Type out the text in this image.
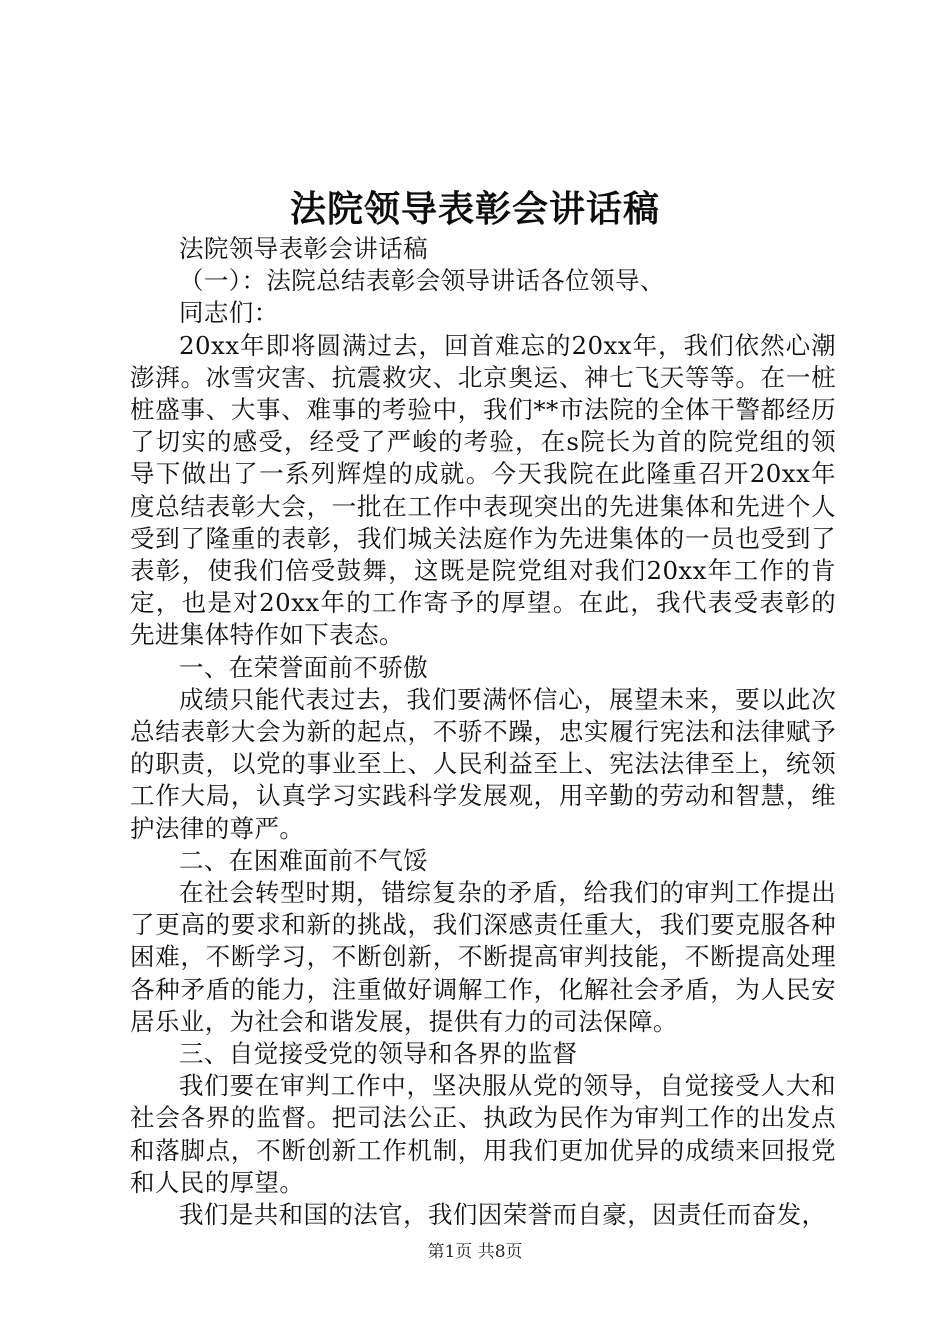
法院领导表彰会讲话稿

法院领导表彰会讲话稿

（一）：法院总结表彰会领导讲话各位领导、

同志们：

20xx年即将圆满过去，回首难忘的20xx年，我们依然心潮澎湃。冰雪灾害、抗震救灾、北京奥运、神七飞天等等。在一桩桩盛事、大事、难事的考验中，我们**市法院的全体干警都经历了切实的感受，经受了严峻的考验，在s院长为首的院党组的领导下做出了一系列辉煌的成就。今天我院在此隆重召开20xx年度总结表彰大会，一批在工作中表现突出的先进集体和先进个人受到了隆重的表彰，我们城关法庭作为先进集体的一员也受到了表彰，使我们倍受鼓舞，这既是院党组对我们20xx年工作的肯定，也是对20xx年的工作寄予的厚望。在此，我代表受表彰的先进集体特作如下表态。

一、在荣誉面前不骄傲

成绩只能代表过去，我们要满怀信心，展望未来，要以此次总结表彰大会为新的起点，不骄不躁，忠实履行宪法和法律赋予的职责，以党的事业至上、人民利益至上、宪法法律至上，统领工作大局，认真学习实践科学发展观，用辛勤的劳动和智慧，维护法律的尊严。

二、在困难面前不气馁

在社会转型时期，错综复杂的矛盾，给我们的审判工作提出了更高的要求和新的挑战，我们深感责任重大，我们要克服各种困难，不断学习，不断创新，不断提高审判技能，不断提高处理各种矛盾的能力，注重做好调解工作，化解社会矛盾，为人民安居乐业，为社会和谐发展，提供有力的司法保障。

三、自觉接受党的领导和各界的监督

我们要在审判工作中，坚决服从党的领导，自觉接受人大和社会各界的监督。把司法公正、执政为民作为审判工作的出发点和落脚点，不断创新工作机制，用我们更加优异的成绩来回报党和人民的厚望。

我们是共和国的法官，我们因荣誉而自豪，因责任而奋发，

第1页 共8页
